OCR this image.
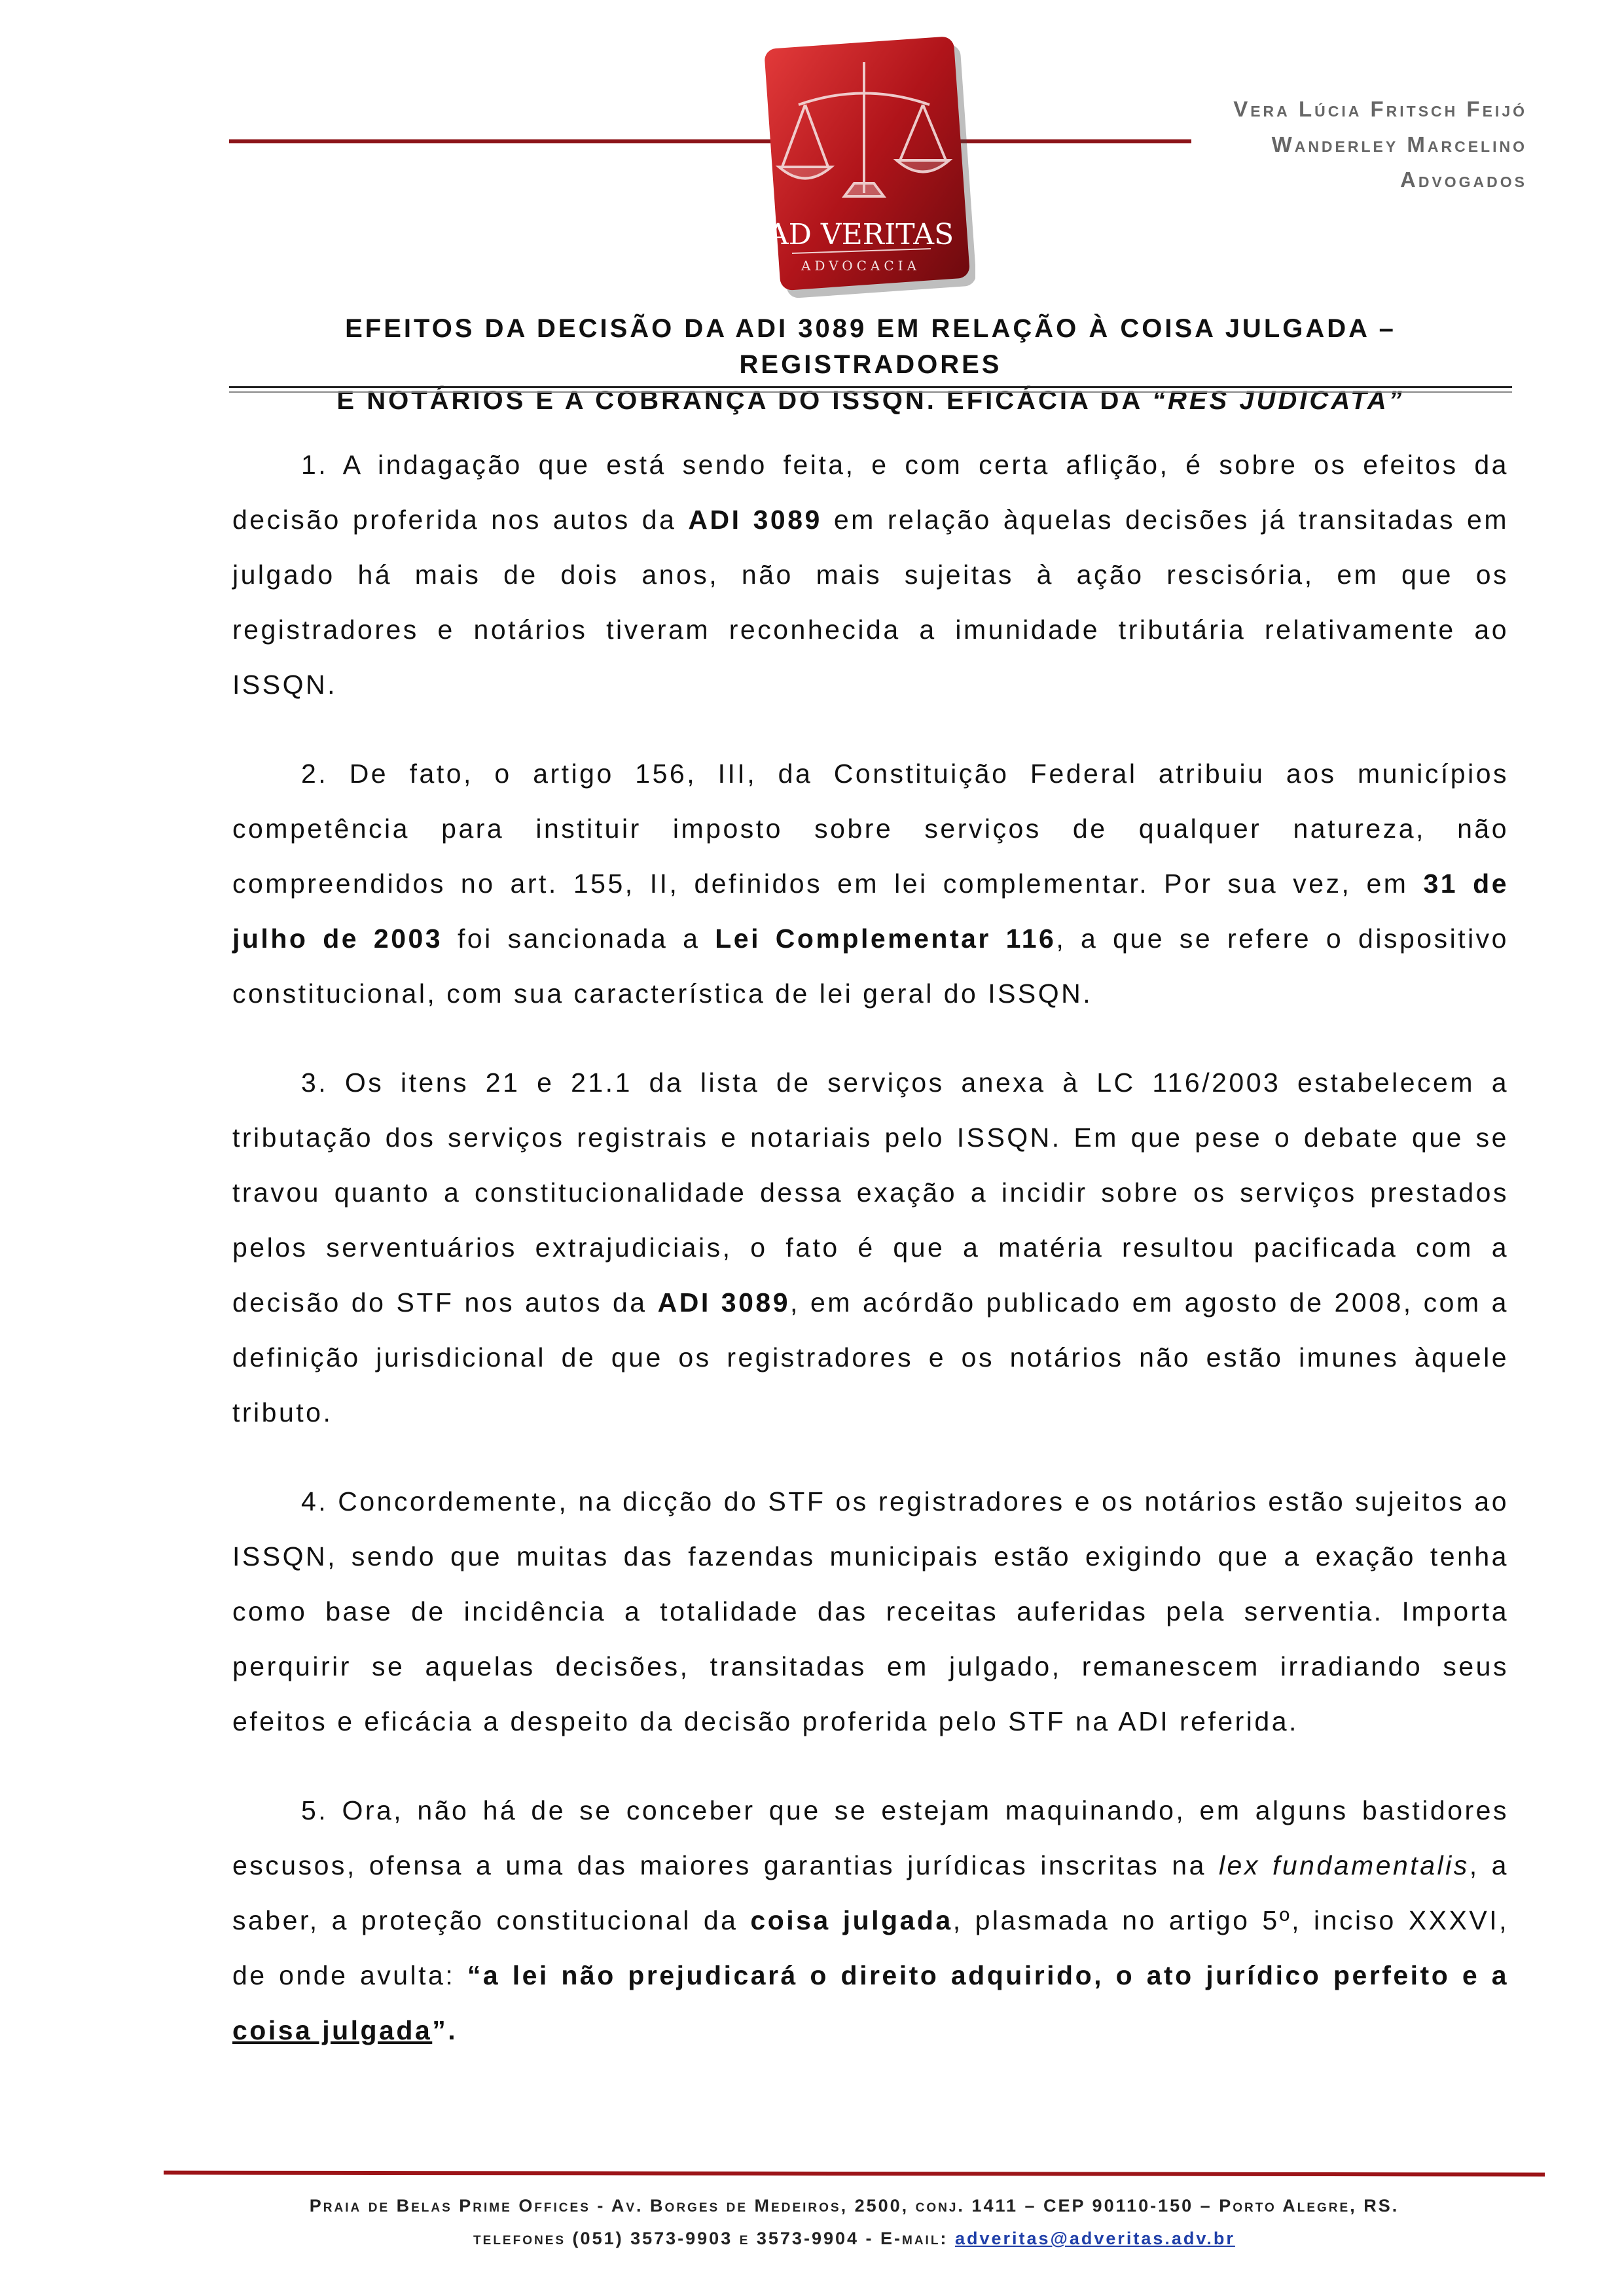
AD VERITAS
ADVOCACIA
Vera Lúcia Fritsch Feijó
Wanderley Marcelino
Advogados
EFEITOS DA DECISÃO DA ADI 3089 EM RELAÇÃO À COISA JULGADA – REGISTRADORES
E NOTÁRIOS E A COBRANÇA DO ISSQN. EFICÁCIA DA “RES JUDICATA”

1. A indagação que está sendo feita, e com certa aflição, é sobre os efeitos da decisão proferida nos autos da ADI 3089 em relação àquelas decisões já transitadas em julgado há mais de dois anos, não mais sujeitas à ação rescisória, em que os registradores e notários tiveram reconhecida a imunidade tributária relativamente ao ISSQN.

2. De fato, o artigo 156, III, da Constituição Federal atribuiu aos municípios competência para instituir imposto sobre serviços de qualquer natureza, não compreendidos no art. 155, II, definidos em lei complementar. Por sua vez, em 31 de julho de 2003 foi sancionada a Lei Complementar 116, a que se refere o dispositivo constitucional, com sua característica de lei geral do ISSQN.

3. Os itens 21 e 21.1 da lista de serviços anexa à LC 116/2003 estabelecem a tributação dos serviços registrais e notariais pelo ISSQN. Em que pese o debate que se travou quanto a constitucionalidade dessa exação a incidir sobre os serviços prestados pelos serventuários extrajudiciais, o fato é que a matéria resultou pacificada com a decisão do STF nos autos da ADI 3089, em acórdão publicado em agosto de 2008, com a definição jurisdicional de que os registradores e os notários não estão imunes àquele tributo.

4. Concordemente, na dicção do STF os registradores e os notários estão sujeitos ao ISSQN, sendo que muitas das fazendas municipais estão exigindo que a exação tenha como base de incidência a totalidade das receitas auferidas pela serventia. Importa perquirir se aquelas decisões, transitadas em julgado, remanescem irradiando seus efeitos e eficácia a despeito da decisão proferida pelo STF na ADI referida.

5. Ora, não há de se conceber que se estejam maquinando, em alguns bastidores escusos, ofensa a uma das maiores garantias jurídicas inscritas na lex fundamentalis, a saber, a proteção constitucional da coisa julgada, plasmada no artigo 5º, inciso XXXVI, de onde avulta: “a lei não prejudicará o direito adquirido, o ato jurídico perfeito e a coisa julgada”.

Praia de Belas Prime Offices - Av. Borges de Medeiros, 2500, conj. 1411 – CEP 90110-150 – Porto Alegre, RS.
telefones (051) 3573-9903 e 3573-9904 - E-mail: adveritas@adveritas.adv.br
